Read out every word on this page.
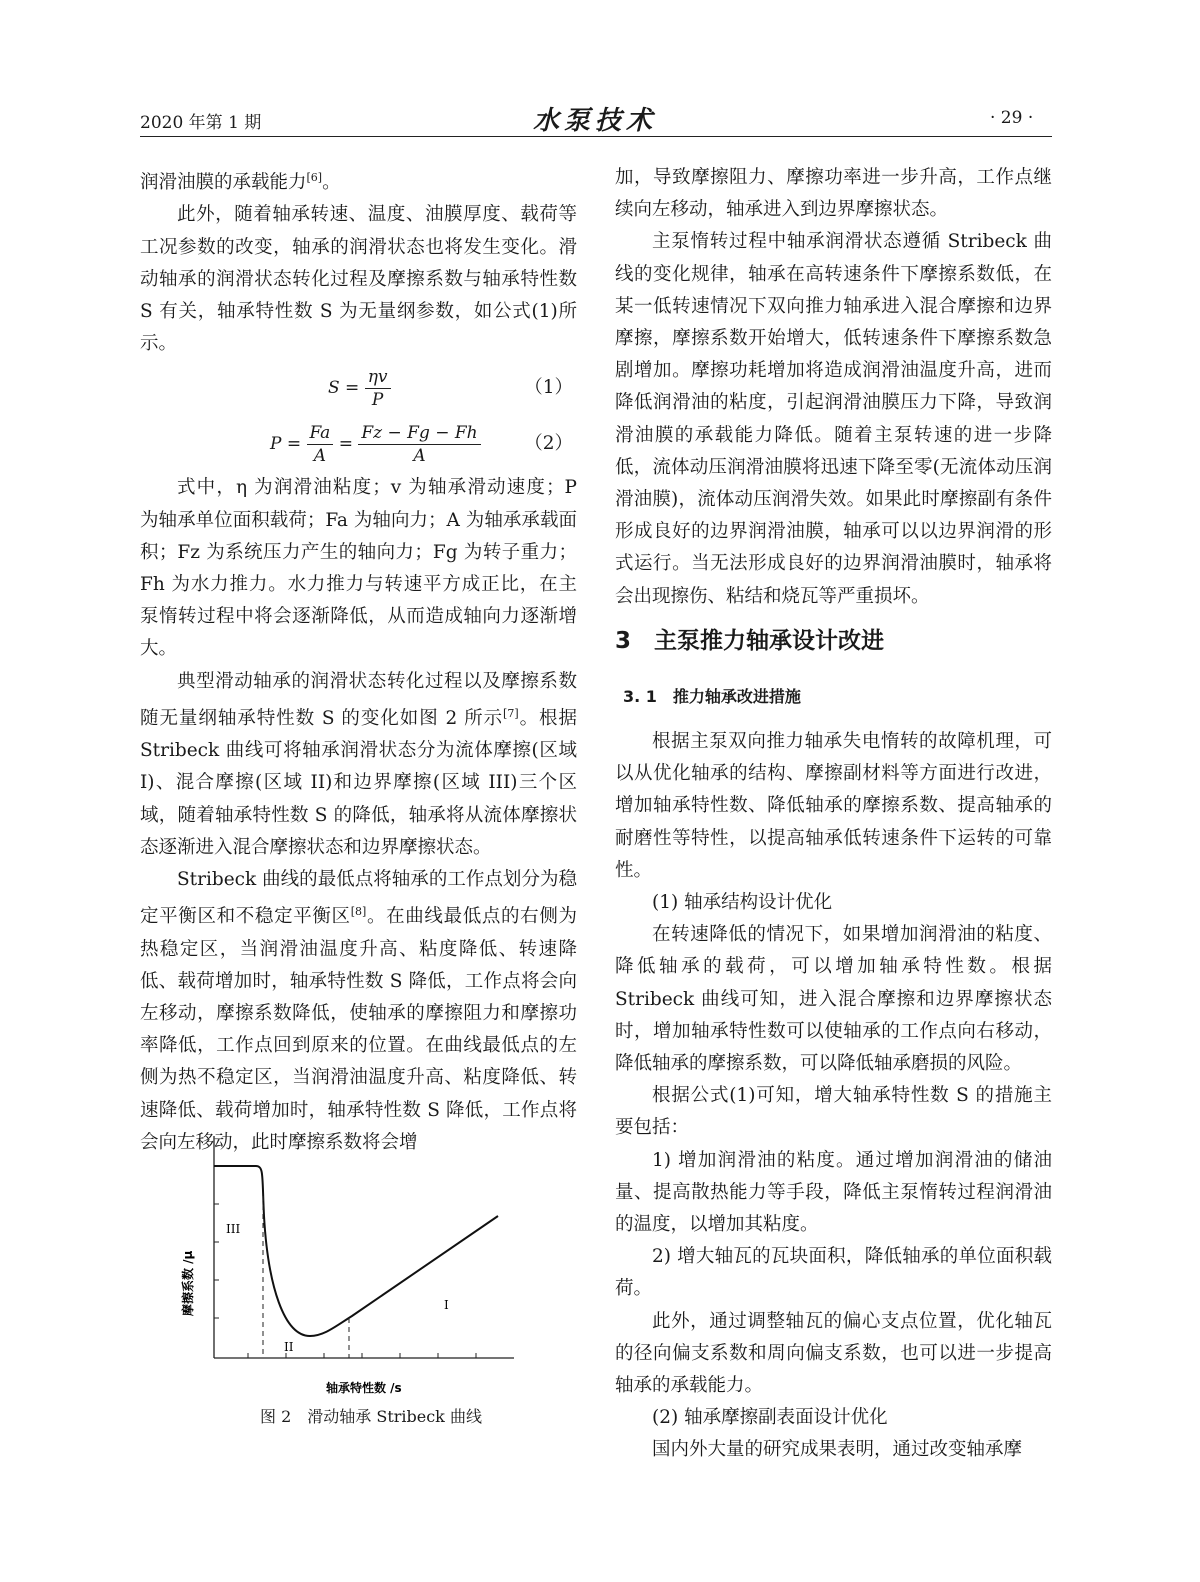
2020 年第 1 期	水泵技术	· 29 ·

润滑油膜的承载能力[6]。

此外，随着轴承转速、温度、油膜厚度、载荷等工况参数的改变，轴承的润滑状态也将发生变化。滑动轴承的润滑状态转化过程及摩擦系数与轴承特性数 S 有关，轴承特性数 S 为无量纲参数，如公式(1)所示。

$S = \frac{\eta v}{P}$	（1）
$P = \frac{Fa}{A} = \frac{Fz - Fg - Fh}{A} (2)$

式中，η 为润滑油粘度；v 为轴承滑动速度；P 为轴承单位面积载荷；Fa 为轴向力；A 为轴承承载面积；Fz 为系统压力产生的轴向力；Fg 为转子重力；Fh 为水力推力。水力推力与转速平方成正比，在主泵惰转过程中将会逐渐降低，从而造成轴向力逐渐增大。

典型滑动轴承的润滑状态转化过程以及摩擦系数随无量纲轴承特性数 S 的变化如图 2 所示[7]。根据 Stribeck 曲线可将轴承润滑状态分为流体摩擦(区域 I)、混合摩擦(区域 II)和边界摩擦(区域 III)三个区域，随着轴承特性数 S 的降低，轴承将从流体摩擦状态逐渐进入混合摩擦状态和边界摩擦状态。

Stribeck 曲线的最低点将轴承的工作点划分为稳定平衡区和不稳定平衡区[8]。在曲线最低点的右侧为热稳定区，当润滑油温度升高、粘度降低、转速降低、载荷增加时，轴承特性数 S 降低，工作点将会向左移动，摩擦系数降低，使轴承的摩擦阻力和摩擦功率降低，工作点回到原来的位置。在曲线最低点的左侧为热不稳定区，当润滑油温度升高、粘度降低、转速降低、载荷增加时，轴承特性数 S 降低，工作点将会向左移动，此时摩擦系数将会增

摩擦系数 /μ
III
II
I
轴承特性数 /s
图 2　滑动轴承 Stribeck 曲线

加，导致摩擦阻力、摩擦功率进一步升高，工作点继续向左移动，轴承进入到边界摩擦状态。

主泵惰转过程中轴承润滑状态遵循 Stribeck 曲线的变化规律，轴承在高转速条件下摩擦系数低，在某一低转速情况下双向推力轴承进入混合摩擦和边界摩擦，摩擦系数开始增大，低转速条件下摩擦系数急剧增加。摩擦功耗增加将造成润滑油温度升高，进而降低润滑油的粘度，引起润滑油膜压力下降，导致润滑油膜的承载能力降低。随着主泵转速的进一步降低，流体动压润滑油膜将迅速下降至零(无流体动压润滑油膜)，流体动压润滑失效。如果此时摩擦副有条件形成良好的边界润滑油膜，轴承可以以边界润滑的形式运行。当无法形成良好的边界润滑油膜时，轴承将会出现擦伤、粘结和烧瓦等严重损坏。

3　主泵推力轴承设计改进
3. 1　推力轴承改进措施

根据主泵双向推力轴承失电惰转的故障机理，可以从优化轴承的结构、摩擦副材料等方面进行改进，增加轴承特性数、降低轴承的摩擦系数、提高轴承的耐磨性等特性，以提高轴承低转速条件下运转的可靠性。

(1) 轴承结构设计优化

在转速降低的情况下，如果增加润滑油的粘度、降低轴承的载荷，可以增加轴承特性数。根据 Stribeck 曲线可知，进入混合摩擦和边界摩擦状态时，增加轴承特性数可以使轴承的工作点向右移动，降低轴承的摩擦系数，可以降低轴承磨损的风险。

根据公式(1)可知，增大轴承特性数 S 的措施主要包括：

1) 增加润滑油的粘度。通过增加润滑油的储油量、提高散热能力等手段，降低主泵惰转过程润滑油的温度，以增加其粘度。

2) 增大轴瓦的瓦块面积，降低轴承的单位面积载荷。

此外，通过调整轴瓦的偏心支点位置，优化轴瓦的径向偏支系数和周向偏支系数，也可以进一步提高轴承的承载能力。

(2) 轴承摩擦副表面设计优化

国内外大量的研究成果表明，通过改变轴承摩
